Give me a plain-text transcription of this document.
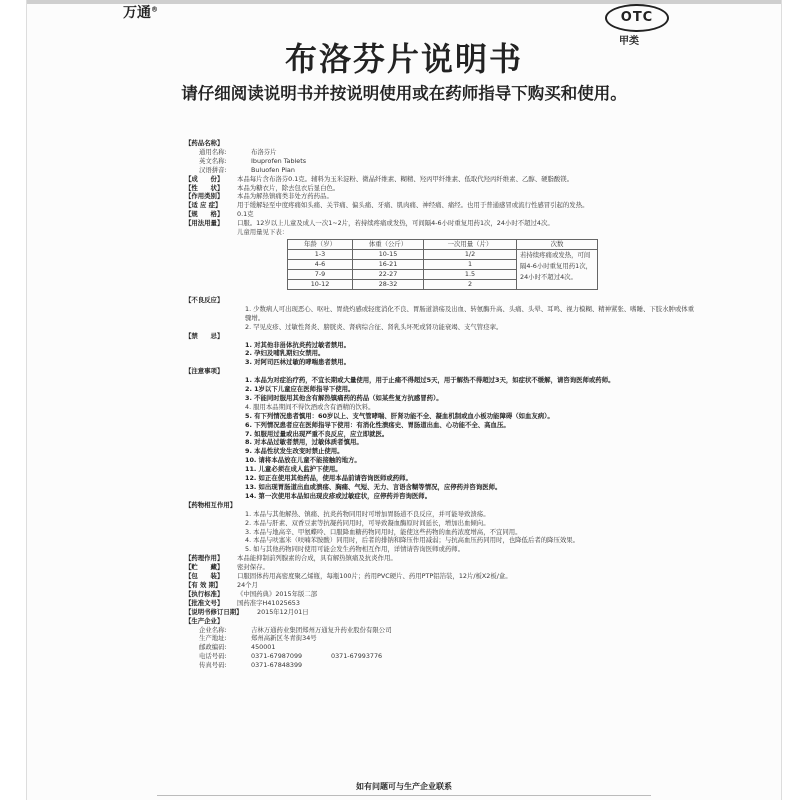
万通®
OTC
甲类
布洛芬片说明书
请仔细阅读说明书并按说明使用或在药师指导下购买和使用。
【药品名称】
通用名称:	布洛芬片
英文名称:	Ibuprofen Tablets
汉语拼音:	Buluofen Pian
【成　　份】	本品每片含布洛芬0.1克。辅料为玉米淀粉、微晶纤维素、糊精、羟丙甲纤维素、低取代羟丙纤维素、乙醇、硬脂酸镁。
【性　　状】	本品为糖衣片，除去包衣后显白色。
【作用类别】	本品为解热镇痛类非处方药药品。
【适 应 症】	用于缓解轻至中度疼痛如头痛、关节痛、偏头痛、牙痛、肌肉痛、神经痛、痛经。也用于普通感冒或流行性感冒引起的发热。
【规　　格】	0.1克
【用法用量】	口服。12岁以上儿童及成人一次1~2片，若持续疼痛或发热，可间隔4-6小时重复用药1次，24小时不超过4次。
儿童用量见下表：
年龄（岁）	体重（公斤）	一次用量（片）	次数
1-3	10-15	1/2	若持续疼痛或发热，可间隔4-6小时重复用药1次，24小时不超过4次。
4-6	16-21	1	
7-9	22-27	1.5	
10-12	28-32	2	
【不良反应】
1. 少数病人可出现恶心、呕吐、胃烧灼感或轻度消化不良、胃肠道溃疡及出血、转氨酶升高、头痛、头晕、耳鸣、视力模糊、精神紧张、嗜睡、下肢水肿或体重骤增。
2. 罕见皮疹、过敏性肾炎、膀胱炎、肾病综合征、肾乳头坏死或肾功能衰竭、支气管痉挛。
【禁　　忌】
1. 对其他非甾体抗炎药过敏者禁用。
2. 孕妇及哺乳期妇女禁用。
3. 对阿司匹林过敏的哮喘患者禁用。
【注意事项】
1. 本品为对症治疗药，不宜长期或大量使用，用于止痛不得超过5天，用于解热不得超过3天，如症状不缓解，请咨询医师或药师。
2. 1岁以下儿童应在医师指导下使用。
3. 不能同时服用其他含有解热镇痛药的药品（如某些复方抗感冒药）。
4. 服用本品期间不得饮酒或含有酒精的饮料。
5. 有下列情况患者慎用：60岁以上、支气管哮喘、肝肾功能不全、凝血机制或血小板功能障碍（如血友病）。
6. 下列情况患者应在医师指导下使用：有消化性溃疡史、胃肠道出血、心功能不全、高血压。
7. 如服用过量或出现严重不良反应，应立即就医。
8. 对本品过敏者禁用，过敏体质者慎用。
9. 本品性状发生改变时禁止使用。
10. 请将本品放在儿童不能接触的地方。
11. 儿童必须在成人监护下使用。
12. 如正在使用其他药品，使用本品前请咨询医师或药师。
13. 如出现胃肠道出血或溃疡、胸痛、气短、无力、言语含糊等情况，应停药并咨询医师。
14. 第一次使用本品如出现皮疹或过敏症状，应停药并咨询医师。
【药物相互作用】
1. 本品与其他解热、镇痛、抗炎药物同用时可增加胃肠道不良反应，并可能导致溃疡。
2. 本品与肝素、双香豆素等抗凝药同用时，可导致凝血酶原时间延长，增加出血倾向。
3. 本品与地高辛、甲氨蝶呤、口服降血糖药物同用时，能使这些药物的血药浓度增高，不宜同用。
4. 本品与呋塞米（呋喃苯胺酸）同用时，后者的排钠和降压作用减弱；与抗高血压药同用时，也降低后者的降压效果。
5. 如与其他药物同时使用可能会发生药物相互作用，详情请咨询医师或药师。
【药理作用】	本品能抑制前列腺素的合成，具有解热镇痛及抗炎作用。
【贮　　藏】	密封保存。
【包　　装】	口服固体药用高密度聚乙烯瓶，每瓶100片；药用PVC硬片、药用PTP铝箔装，12片/板X2板/盒。
【有 效 期】	24个月
【执行标准】	《中国药典》2015年版二部
【批准文号】	国药准字H41025653
【说明书修订日期】	2015年12月01日
【生产企业】
企业名称:	吉林万通药业集团郑州万通复升药业股份有限公司
生产地址:	郑州高新区冬青街34号
邮政编码:	450001
电话号码:	0371-67987099	0371-67993776
传真号码:	0371-67848399
如有问题可与生产企业联系
